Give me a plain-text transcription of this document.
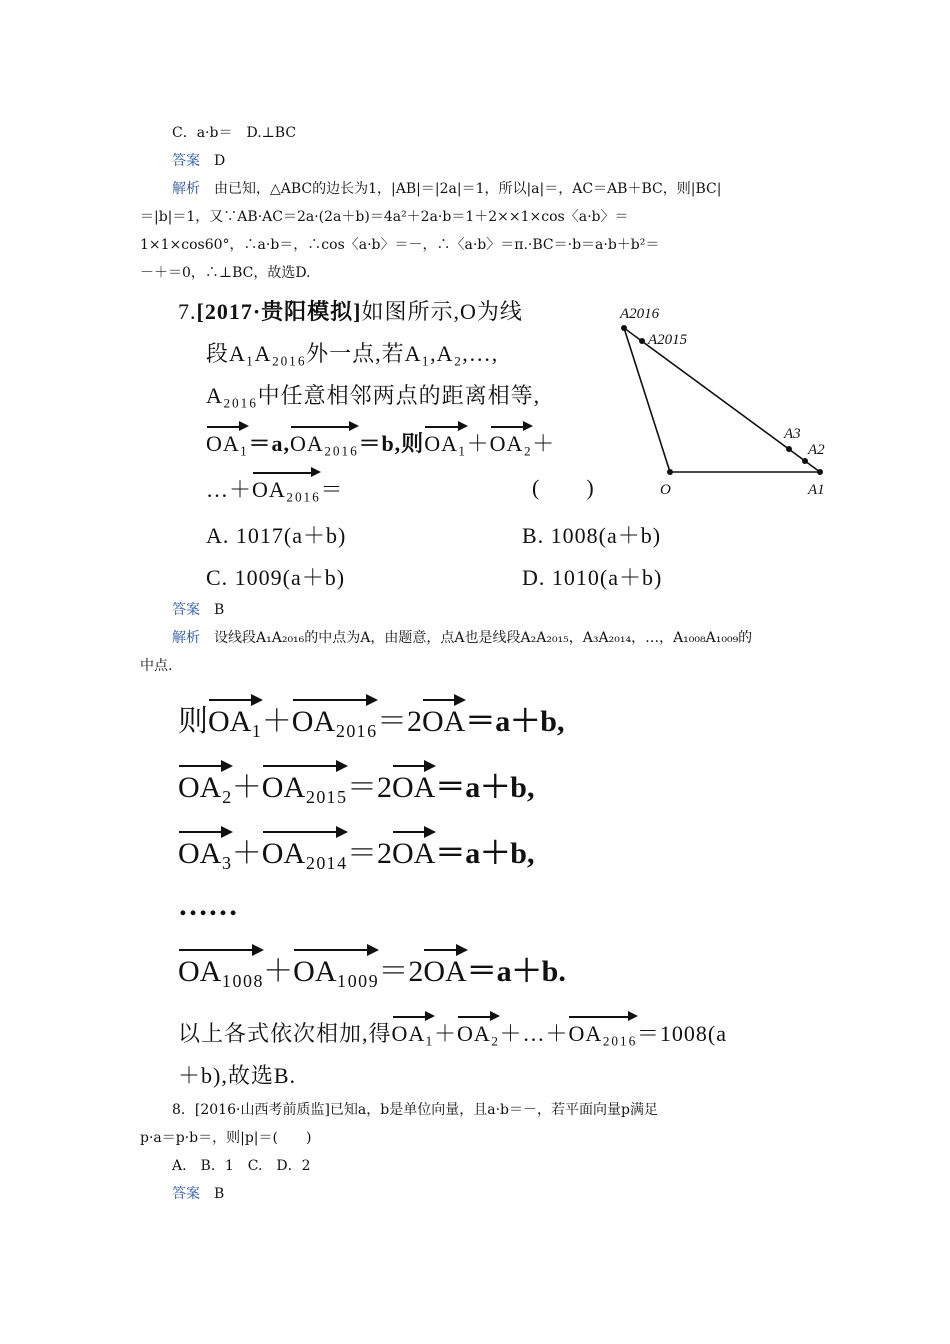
C．a·b＝　D.⊥BC
答案 D
解析 由已知，△ABC的边长为1，|AB|＝|2a|＝1，所以|a|＝，AC＝AB＋BC，则|BC|
＝|b|＝1，又∵AB·AC＝2a·(2a＋b)＝4a²＋2a·b＝1＋2××1×cos〈a·b〉＝
1×1×cos60°，∴a·b＝，∴cos〈a·b〉＝－，∴〈a·b〉＝π.·BC＝·b＝a·b＋b²＝
－＋＝0，∴⊥BC，故选D.
7.[2017·贵阳模拟]如图所示,O为线
段A₁A₂₀₁₆外一点,若A₁,A₂,…,
A₂₀₁₆中任意相邻两点的距离相等,
OA₁＝a,OA₂₀₁₆＝b,则OA₁＋OA₂＋
…＋OA₂₀₁₆＝	(　　)
A2016
A2015
A3
A2
O	A1
A. 1017(a＋b)	B. 1008(a＋b)
C. 1009(a＋b)	D. 1010(a＋b)
答案 B
解析 设线段A₁A₂₀₁₆的中点为A，由题意，点A也是线段A₂A₂₀₁₅，A₃A₂₀₁₄，…，A₁₀₀₈A₁₀₀₉的
中点.
则OA₁＋OA₂₀₁₆＝2OA＝a＋b,
OA₂＋OA₂₀₁₅＝2OA＝a＋b,
OA₃＋OA₂₀₁₄＝2OA＝a＋b,
……
OA₁₀₀₈＋OA₁₀₀₉＝2OA＝a＋b.
以上各式依次相加,得OA₁＋OA₂＋…＋OA₂₀₁₆＝1008(a
＋b),故选B.
8．[2016·山西考前质监]已知a，b是单位向量，且a·b＝－，若平面向量p满足
p·a＝p·b＝，则|p|＝(　　)
A.　B．1　C.　D．2
答案 B
